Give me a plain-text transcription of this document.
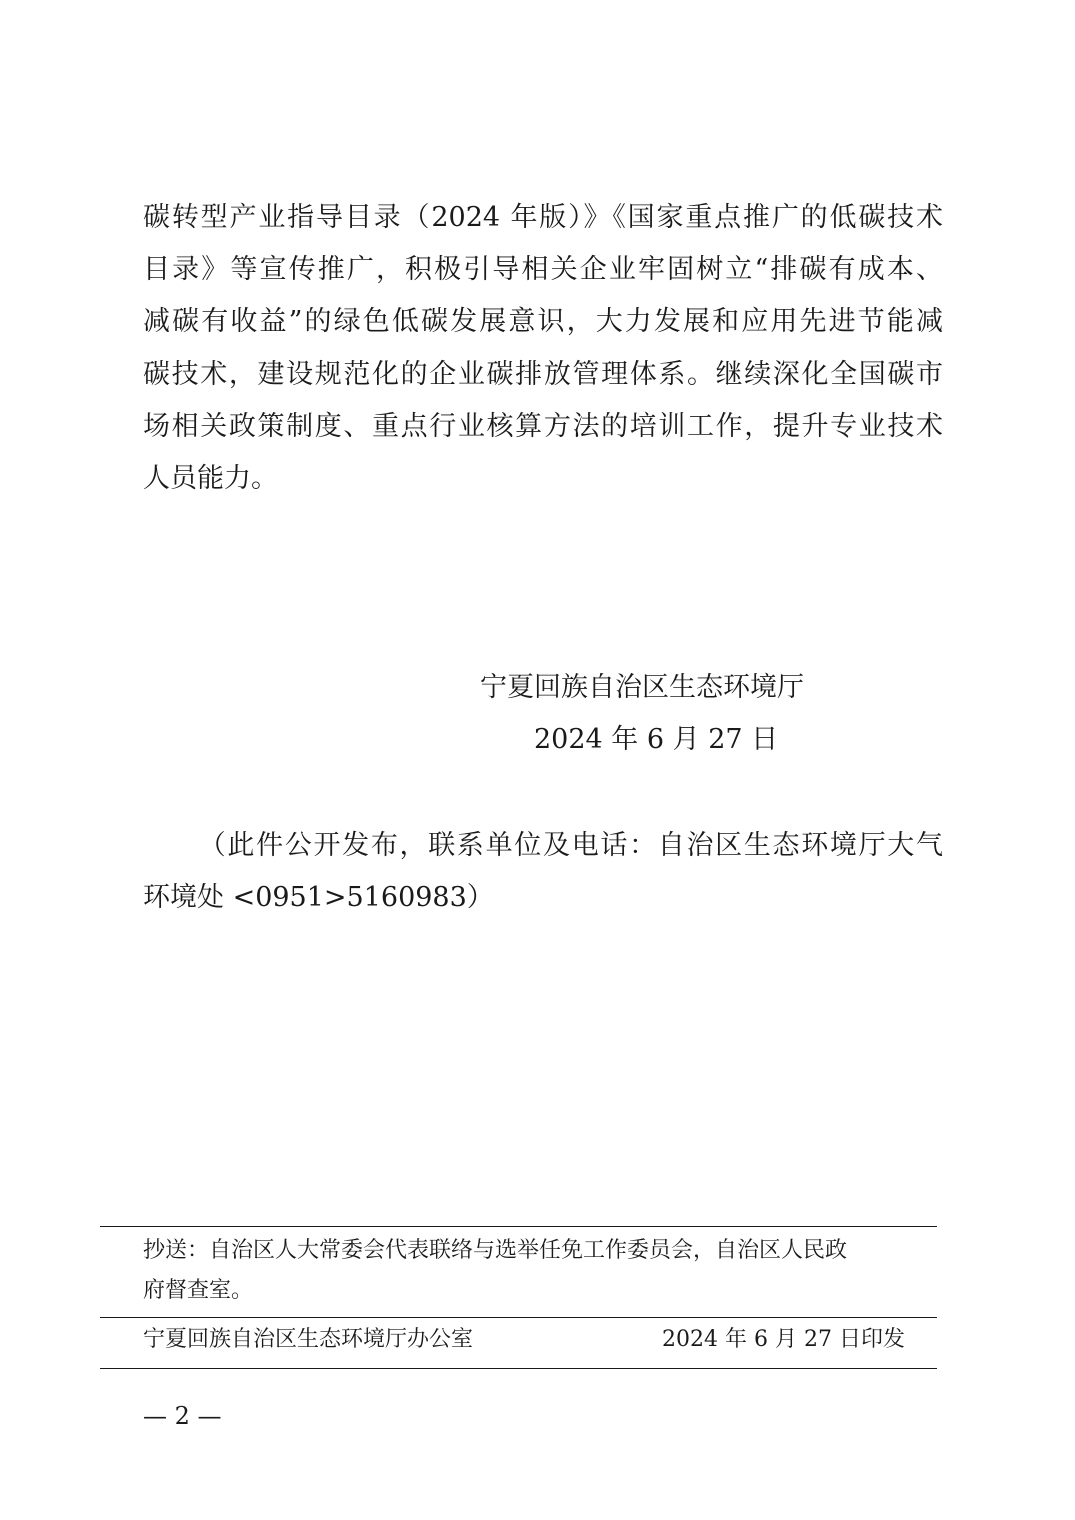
碳转型产业指导目录（2024 年版）》《国家重点推广的低碳技术
目录》等宣传推广，积极引导相关企业牢固树立“排碳有成本、
减碳有收益”的绿色低碳发展意识，大力发展和应用先进节能减
碳技术，建设规范化的企业碳排放管理体系。继续深化全国碳市
场相关政策制度、重点行业核算方法的培训工作，提升专业技术
人员能力。
宁夏回族自治区生态环境厅
2024 年 6 月 27 日
（此件公开发布，联系单位及电话：自治区生态环境厅大气
环境处 <0951>5160983）
抄送：自治区人大常委会代表联络与选举任免工作委员会，自治区人民政
府督查室。
宁夏回族自治区生态环境厅办公室	2024 年 6 月 27 日印发
— 2 —
